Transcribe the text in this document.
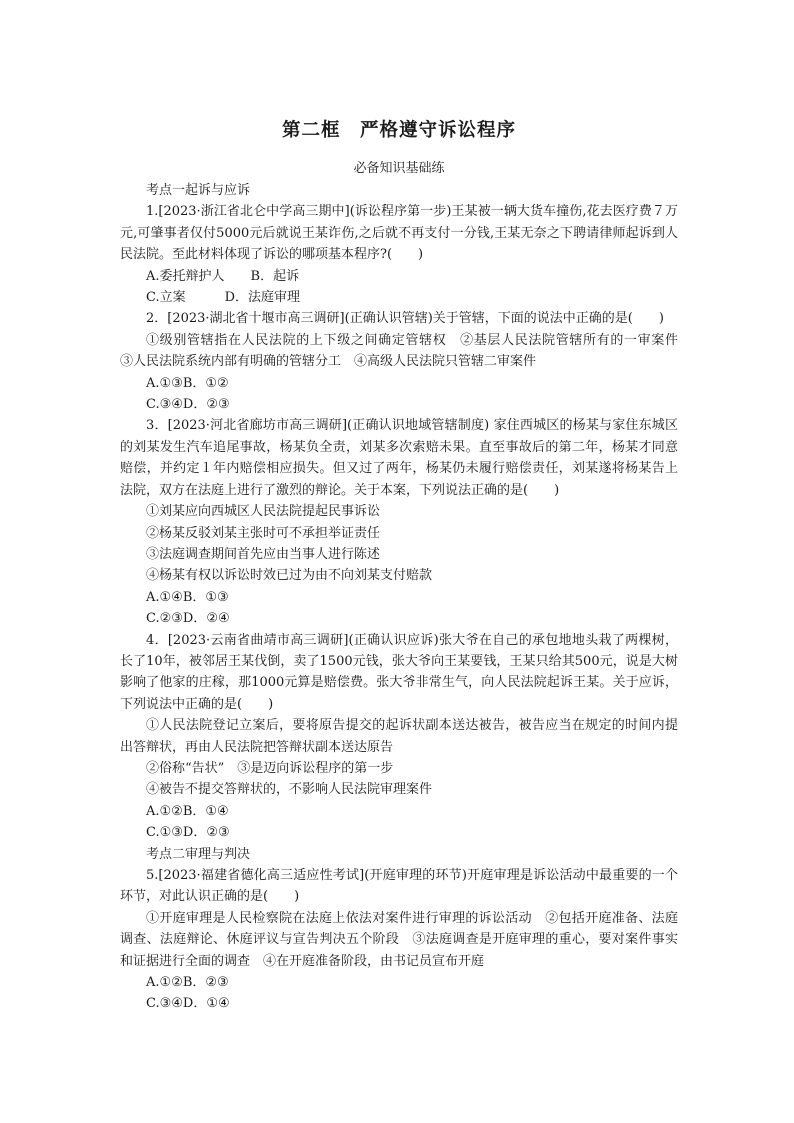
第二框　严格遵守诉讼程序
必备知识基础练
考点一起诉与应诉
1.[2023·浙江省北仑中学高三期中](诉讼程序第一步)王某被一辆大货车撞伤,花去医疗费７万元,可肇事者仅付5000元后就说王某诈伤,之后就不再支付一分钱,王某无奈之下聘请律师起诉到人民法院。至此材料体现了诉讼的哪项基本程序?(　　)
A.委托辩护人　　B．起诉
C.立案　　　D．法庭审理
2．[2023·湖北省十堰市高三调研](正确认识管辖)关于管辖，下面的说法中正确的是(　　)
①级别管辖指在人民法院的上下级之间确定管辖权　②基层人民法院管辖所有的一审案件　③人民法院系统内部有明确的管辖分工　④高级人民法院只管辖二审案件
A.①③B．①②
C.③④D．②③
3．[2023·河北省廊坊市高三调研](正确认识地域管辖制度) 家住西城区的杨某与家住东城区的刘某发生汽车追尾事故，杨某负全责，刘某多次索赔未果。直至事故后的第二年，杨某才同意赔偿，并约定１年内赔偿相应损失。但又过了两年，杨某仍未履行赔偿责任，刘某遂将杨某告上法院，双方在法庭上进行了激烈的辩论。关于本案，下列说法正确的是(　　)
①刘某应向西城区人民法院提起民事诉讼
②杨某反驳刘某主张时可不承担举证责任
③法庭调查期间首先应由当事人进行陈述
④杨某有权以诉讼时效已过为由不向刘某支付赔款
A.①④B．①③
C.②③D．②④
4．[2023·云南省曲靖市高三调研](正确认识应诉)张大爷在自己的承包地地头栽了两棵树，长了10年，被邻居王某伐倒，卖了1500元钱，张大爷向王某要钱，王某只给其500元，说是大树影响了他家的庄稼，那1000元算是赔偿费。张大爷非常生气，向人民法院起诉王某。关于应诉，下列说法中正确的是(　　)
①人民法院登记立案后，要将原告提交的起诉状副本送达被告，被告应当在规定的时间内提出答辩状，再由人民法院把答辩状副本送达原告
②俗称“告状”　③是迈向诉讼程序的第一步
④被告不提交答辩状的，不影响人民法院审理案件
A.①②B．①④
C.①③D．②③
考点二审理与判决
5.[2023·福建省德化高三适应性考试](开庭审理的环节)开庭审理是诉讼活动中最重要的一个环节，对此认识正确的是(　　)
①开庭审理是人民检察院在法庭上依法对案件进行审理的诉讼活动　②包括开庭准备、法庭调查、法庭辩论、休庭评议与宣告判决五个阶段　③法庭调查是开庭审理的重心，要对案件事实和证据进行全面的调查　④在开庭准备阶段，由书记员宣布开庭
A.①②B．②③
C.③④D．①④
